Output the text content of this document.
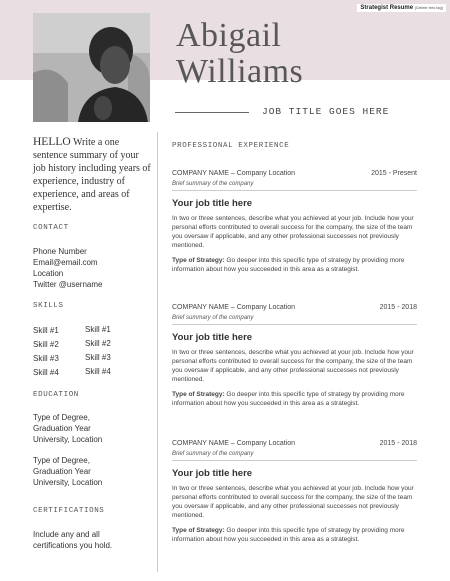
Strategist Resume (Delete this tag)
Abigail
Williams
JOB TITLE GOES HERE

HELLO Write a one sentence summary of your job history including years of experience, industry of experience, and areas of expertise.

CONTACT

Phone Number
Email@email.com
Location
Twitter @username

SKILLS
Skill #1	Skill #1
Skill #2	Skill #2
Skill #3	Skill #3
Skill #4	Skill #4
EDUCATION

Type of Degree,
Graduation Year
University, Location

Type of Degree,
Graduation Year
University, Location

CERTIFICATIONS

Include any and all
certifications you hold.

PROFESSIONAL EXPERIENCE
COMPANY NAME – Company Location	2015 - Present
Brief summary of the company
Your job title here
In two or three sentences, describe what you achieved at your job. Include how your personal efforts contributed to overall success for the company, the size of the team you oversaw if applicable, and any other professional successes not previously mentioned.
Type of Strategy: Go deeper into this specific type of strategy by providing more information about how you succeeded in this area as a strategist.
COMPANY NAME – Company Location	2015 - 2018
Brief summary of the company
Your job title here
In two or three sentences, describe what you achieved at your job. Include how your personal efforts contributed to overall success for the company, the size of the team you oversaw if applicable, and any other professional successes not previously mentioned.
Type of Strategy: Go deeper into this specific type of strategy by providing more information about how you succeeded in this area as a strategist.
COMPANY NAME – Company Location	2015 - 2018
Brief summary of the company
Your job title here
In two or three sentences, describe what you achieved at your job. Include how your personal efforts contributed to overall success for the company, the size of the team you oversaw if applicable, and any other professional successes not previously mentioned.
Type of Strategy: Go deeper into this specific type of strategy by providing more information about how you succeeded in this area as a strategist.
